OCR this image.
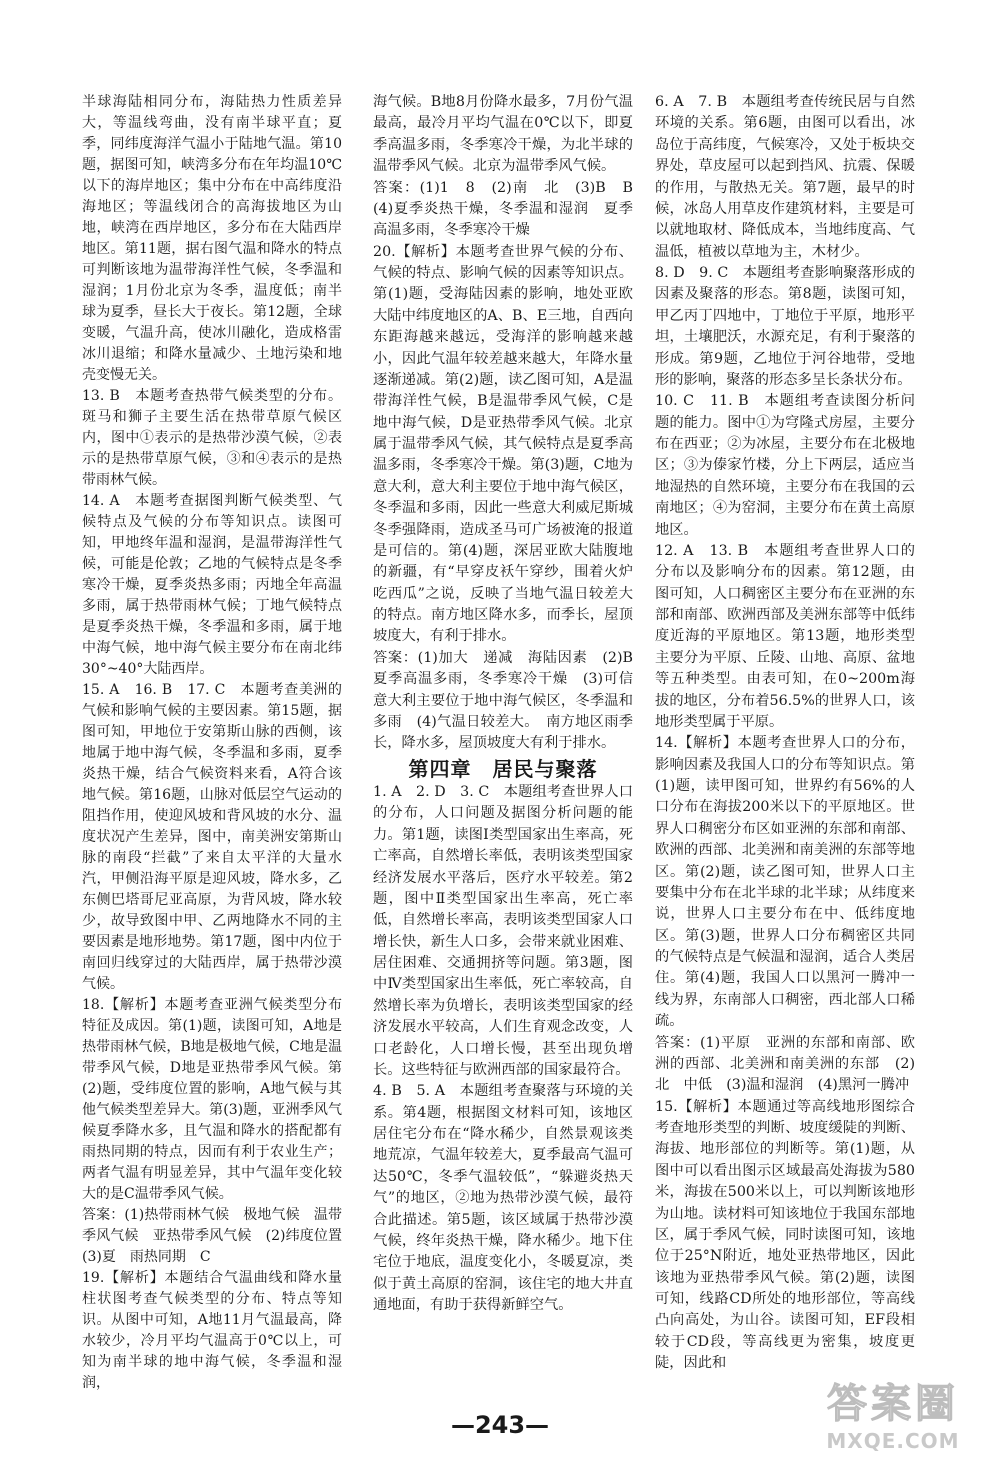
半球海陆相同分布，海陆热力性质差异大，等温线弯曲，没有南半球平直；夏季，同纬度海洋气温小于陆地气温。第10题，据图可知，峡湾多分布在年均温10℃以下的海岸地区；集中分布在中高纬度沿海地区；等温线闭合的高海拔地区为山地，峡湾在西岸地区，多分布在大陆西岸地区。第11题，据右图气温和降水的特点可判断该地为温带海洋性气候，冬季温和湿润；1月份北京为冬季，温度低；南半球为夏季，昼长大于夜长。第12题，全球变暖，气温升高，使冰川融化，造成格雷冰川退缩；和降水量减少、土地污染和地壳变慢无关。

13. B　本题考查热带气候类型的分布。斑马和狮子主要生活在热带草原气候区内，图中①表示的是热带沙漠气候，②表示的是热带草原气候，③和④表示的是热带雨林气候。

14. A　本题考查据图判断气候类型、气候特点及气候的分布等知识点。读图可知，甲地终年温和湿润，是温带海洋性气候，可能是伦敦；乙地的气候特点是冬季寒冷干燥，夏季炎热多雨；丙地全年高温多雨，属于热带雨林气候；丁地气候特点是夏季炎热干燥，冬季温和多雨，属于地中海气候，地中海气候主要分布在南北纬30°~40°大陆西岸。

15. A　16. B　17. C　本题考查美洲的气候和影响气候的主要因素。第15题，据图可知，甲地位于安第斯山脉的西侧，该地属于地中海气候，冬季温和多雨，夏季炎热干燥，结合气候资料来看，A符合该地气候。第16题，山脉对低层空气运动的阻挡作用，使迎风坡和背风坡的水分、温度状况产生差异，图中，南美洲安第斯山脉的南段“拦截”了来自太平洋的大量水汽，甲侧沿海平原是迎风坡，降水多，乙东侧巴塔哥尼亚高原，为背风坡，降水较少，故导致图中甲、乙两地降水不同的主要因素是地形地势。第17题，图中内位于南回归线穿过的大陆西岸，属于热带沙漠气候。

18.【解析】本题考查亚洲气候类型分布特征及成因。第(1)题，读图可知，A地是热带雨林气候，B地是极地气候，C地是温带季风气候，D地是亚热带季风气候。第(2)题，受纬度位置的影响，A地气候与其他气候类型差异大。第(3)题，亚洲季风气候夏季降水多，且气温和降水的搭配都有雨热同期的特点，因而有利于农业生产；两者气温有明显差异，其中气温年变化较大的是C温带季风气候。

答案：(1)热带雨林气候　极地气候　温带季风气候　亚热带季风气候　(2)纬度位置　(3)夏　雨热同期　C

19.【解析】本题结合气温曲线和降水量柱状图考查气候类型的分布、特点等知识。从图中可知，A地11月气温最高，降水较少，冷月平均气温高于0℃以上，可知为南半球的地中海气候，冬季温和湿润，

海气候。B地8月份降水最多，7月份气温最高，最冷月平均气温在0℃以下，即夏季高温多雨，冬季寒冷干燥，为北半球的温带季风气候。北京为温带季风气候。

答案：(1)1　8　(2)南　北　(3)B　B　(4)夏季炎热干燥，冬季温和湿润　夏季高温多雨，冬季寒冷干燥

20.【解析】本题考查世界气候的分布、气候的特点、影响气候的因素等知识点。第(1)题，受海陆因素的影响，地处亚欧大陆中纬度地区的A、B、E三地，自西向东距海越来越远，受海洋的影响越来越小，因此气温年较差越来越大，年降水量逐渐递减。第(2)题，读乙图可知，A是温带海洋性气候，B是温带季风气候，C是地中海气候，D是亚热带季风气候。北京属于温带季风气候，其气候特点是夏季高温多雨，冬季寒冷干燥。第(3)题，C地为意大利，意大利主要位于地中海气候区，冬季温和多雨，因此一些意大利威尼斯城冬季强降雨，造成圣马可广场被淹的报道是可信的。第(4)题，深居亚欧大陆腹地的新疆，有“早穿皮袄午穿纱，围着火炉吃西瓜”之说，反映了当地气温日较差大的特点。南方地区降水多，而季长，屋顶坡度大，有利于排水。

答案：(1)加大　递减　海陆因素　(2)B　夏季高温多雨，冬季寒冷干燥　(3)可信　意大利主要位于地中海气候区，冬季温和多雨　(4)气温日较差大。　南方地区雨季长，降水多，屋顶坡度大有利于排水。

第四章　居民与聚落

1. A　2. D　3. C　本题组考查世界人口的分布，人口问题及据图分析问题的能力。第1题，读图Ⅰ类型国家出生率高，死亡率高，自然增长率低，表明该类型国家经济发展水平落后，医疗水平较差。第2题，图中Ⅱ类型国家出生率高，死亡率低，自然增长率高，表明该类型国家人口增长快，新生人口多，会带来就业困难、居住困难、交通拥挤等问题。第3题，图中Ⅳ类型国家出生率低，死亡率较高，自然增长率为负增长，表明该类型国家的经济发展水平较高，人们生育观念改变，人口老龄化，人口增长慢，甚至出现负增长。这些特征与欧洲西部的国家最符合。

4. B　5. A　本题组考查聚落与环境的关系。第4题，根据图文材料可知，该地区居住宅分布在“降水稀少，自然景观该类地荒凉，气温年较差大，夏季最高气温可达50℃，冬季气温较低”，“躲避炎热天气”的地区，②地为热带沙漠气候，最符合此描述。第5题，该区域属于热带沙漠气候，终年炎热干燥，降水稀少。地下住宅位于地底，温度变化小，冬暖夏凉，类似于黄土高原的窑洞，该住宅的地大井直通地面，有助于获得新鲜空气。

6. A　7. B　本题组考查传统民居与自然环境的关系。第6题，由图可以看出，冰岛位于高纬度，气候寒冷，又处于板块交界处，草皮屋可以起到挡风、抗震、保暖的作用，与散热无关。第7题，最早的时候，冰岛人用草皮作建筑材料，主要是可以就地取材、降低成本，当地纬度高、气温低，植被以草地为主，木材少。

8. D　9. C　本题组考查影响聚落形成的因素及聚落的形态。第8题，读图可知，甲乙丙丁四地中，丁地位于平原，地形平坦，土壤肥沃，水源充足，有利于聚落的形成。第9题，乙地位于河谷地带，受地形的影响，聚落的形态多呈长条状分布。

10. C　11. B　本题组考查读图分析问题的能力。图中①为穹隆式房屋，主要分布在西亚；②为冰屋，主要分布在北极地区；③为傣家竹楼，分上下两层，适应当地湿热的自然环境，主要分布在我国的云南地区；④为窑洞，主要分布在黄土高原地区。

12. A　13. B　本题组考查世界人口的分布以及影响分布的因素。第12题，由图可知，人口稠密区主要分布在亚洲的东部和南部、欧洲西部及美洲东部等中低纬度近海的平原地区。第13题，地形类型主要分为平原、丘陵、山地、高原、盆地等五种类型。由表可知，在0~200m海拔的地区，分布着56.5%的世界人口，该地形类型属于平原。

14.【解析】本题考查世界人口的分布，影响因素及我国人口的分布等知识点。第(1)题，读甲图可知，世界约有56%的人口分布在海拔200米以下的平原地区。世界人口稠密分布区如亚洲的东部和南部、欧洲的西部、北美洲和南美洲的东部等地区。第(2)题，读乙图可知，世界人口主要集中分布在北半球的北半球；从纬度来说，世界人口主要分布在中、低纬度地区。第(3)题，世界人口分布稠密区共同的气候特点是气候温和湿润，适合人类居住。第(4)题，我国人口以黑河一腾冲一线为界，东南部人口稠密，西北部人口稀疏。

答案：(1)平原　亚洲的东部和南部、欧洲的西部、北美洲和南美洲的东部　(2)北　中低　(3)温和湿润　(4)黑河一腾冲

15.【解析】本题通过等高线地形图综合考查地形类型的判断、坡度缓陡的判断、海拔、地形部位的判断等。第(1)题，从图中可以看出图示区域最高处海拔为580米，海拔在500米以上，可以判断该地形为山地。读材料可知该地位于我国东部地区，属于季风气候，同时读图可知，该地位于25°N附近，地处亚热带地区，因此该地为亚热带季风气候。第(2)题，读图可知，线路CD所处的地形部位，等高线凸向高处，为山谷。读图可知，EF段相较于CD段，等高线更为密集，坡度更陡，因此和

—243—	答案圈
MXQE.COM
